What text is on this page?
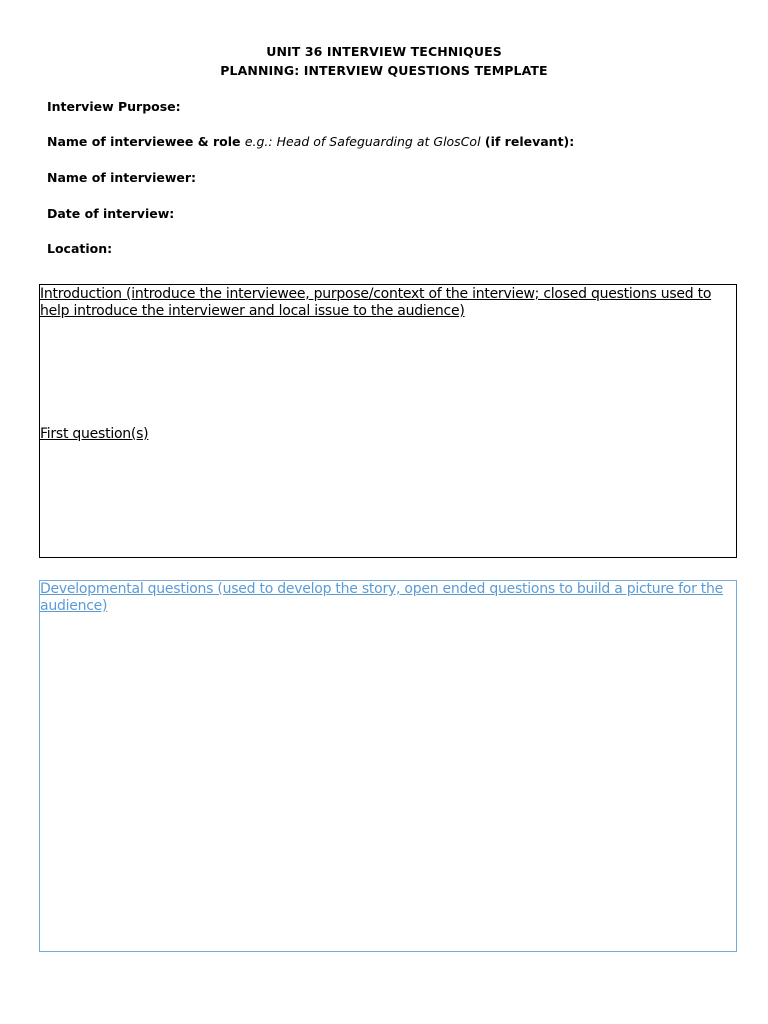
UNIT 36 INTERVIEW TECHNIQUES
PLANNING: INTERVIEW QUESTIONS TEMPLATE
Interview Purpose:
Name of interviewee & role e.g.: Head of Safeguarding at GlosCol (if relevant):
Name of interviewer:
Date of interview:
Location:
Introduction (introduce the interviewee, purpose/context of the interview; closed questions used to help introduce the interviewer and local issue to the audience)
First question(s)
Developmental questions (used to develop the story, open ended questions to build a picture for the audience)
